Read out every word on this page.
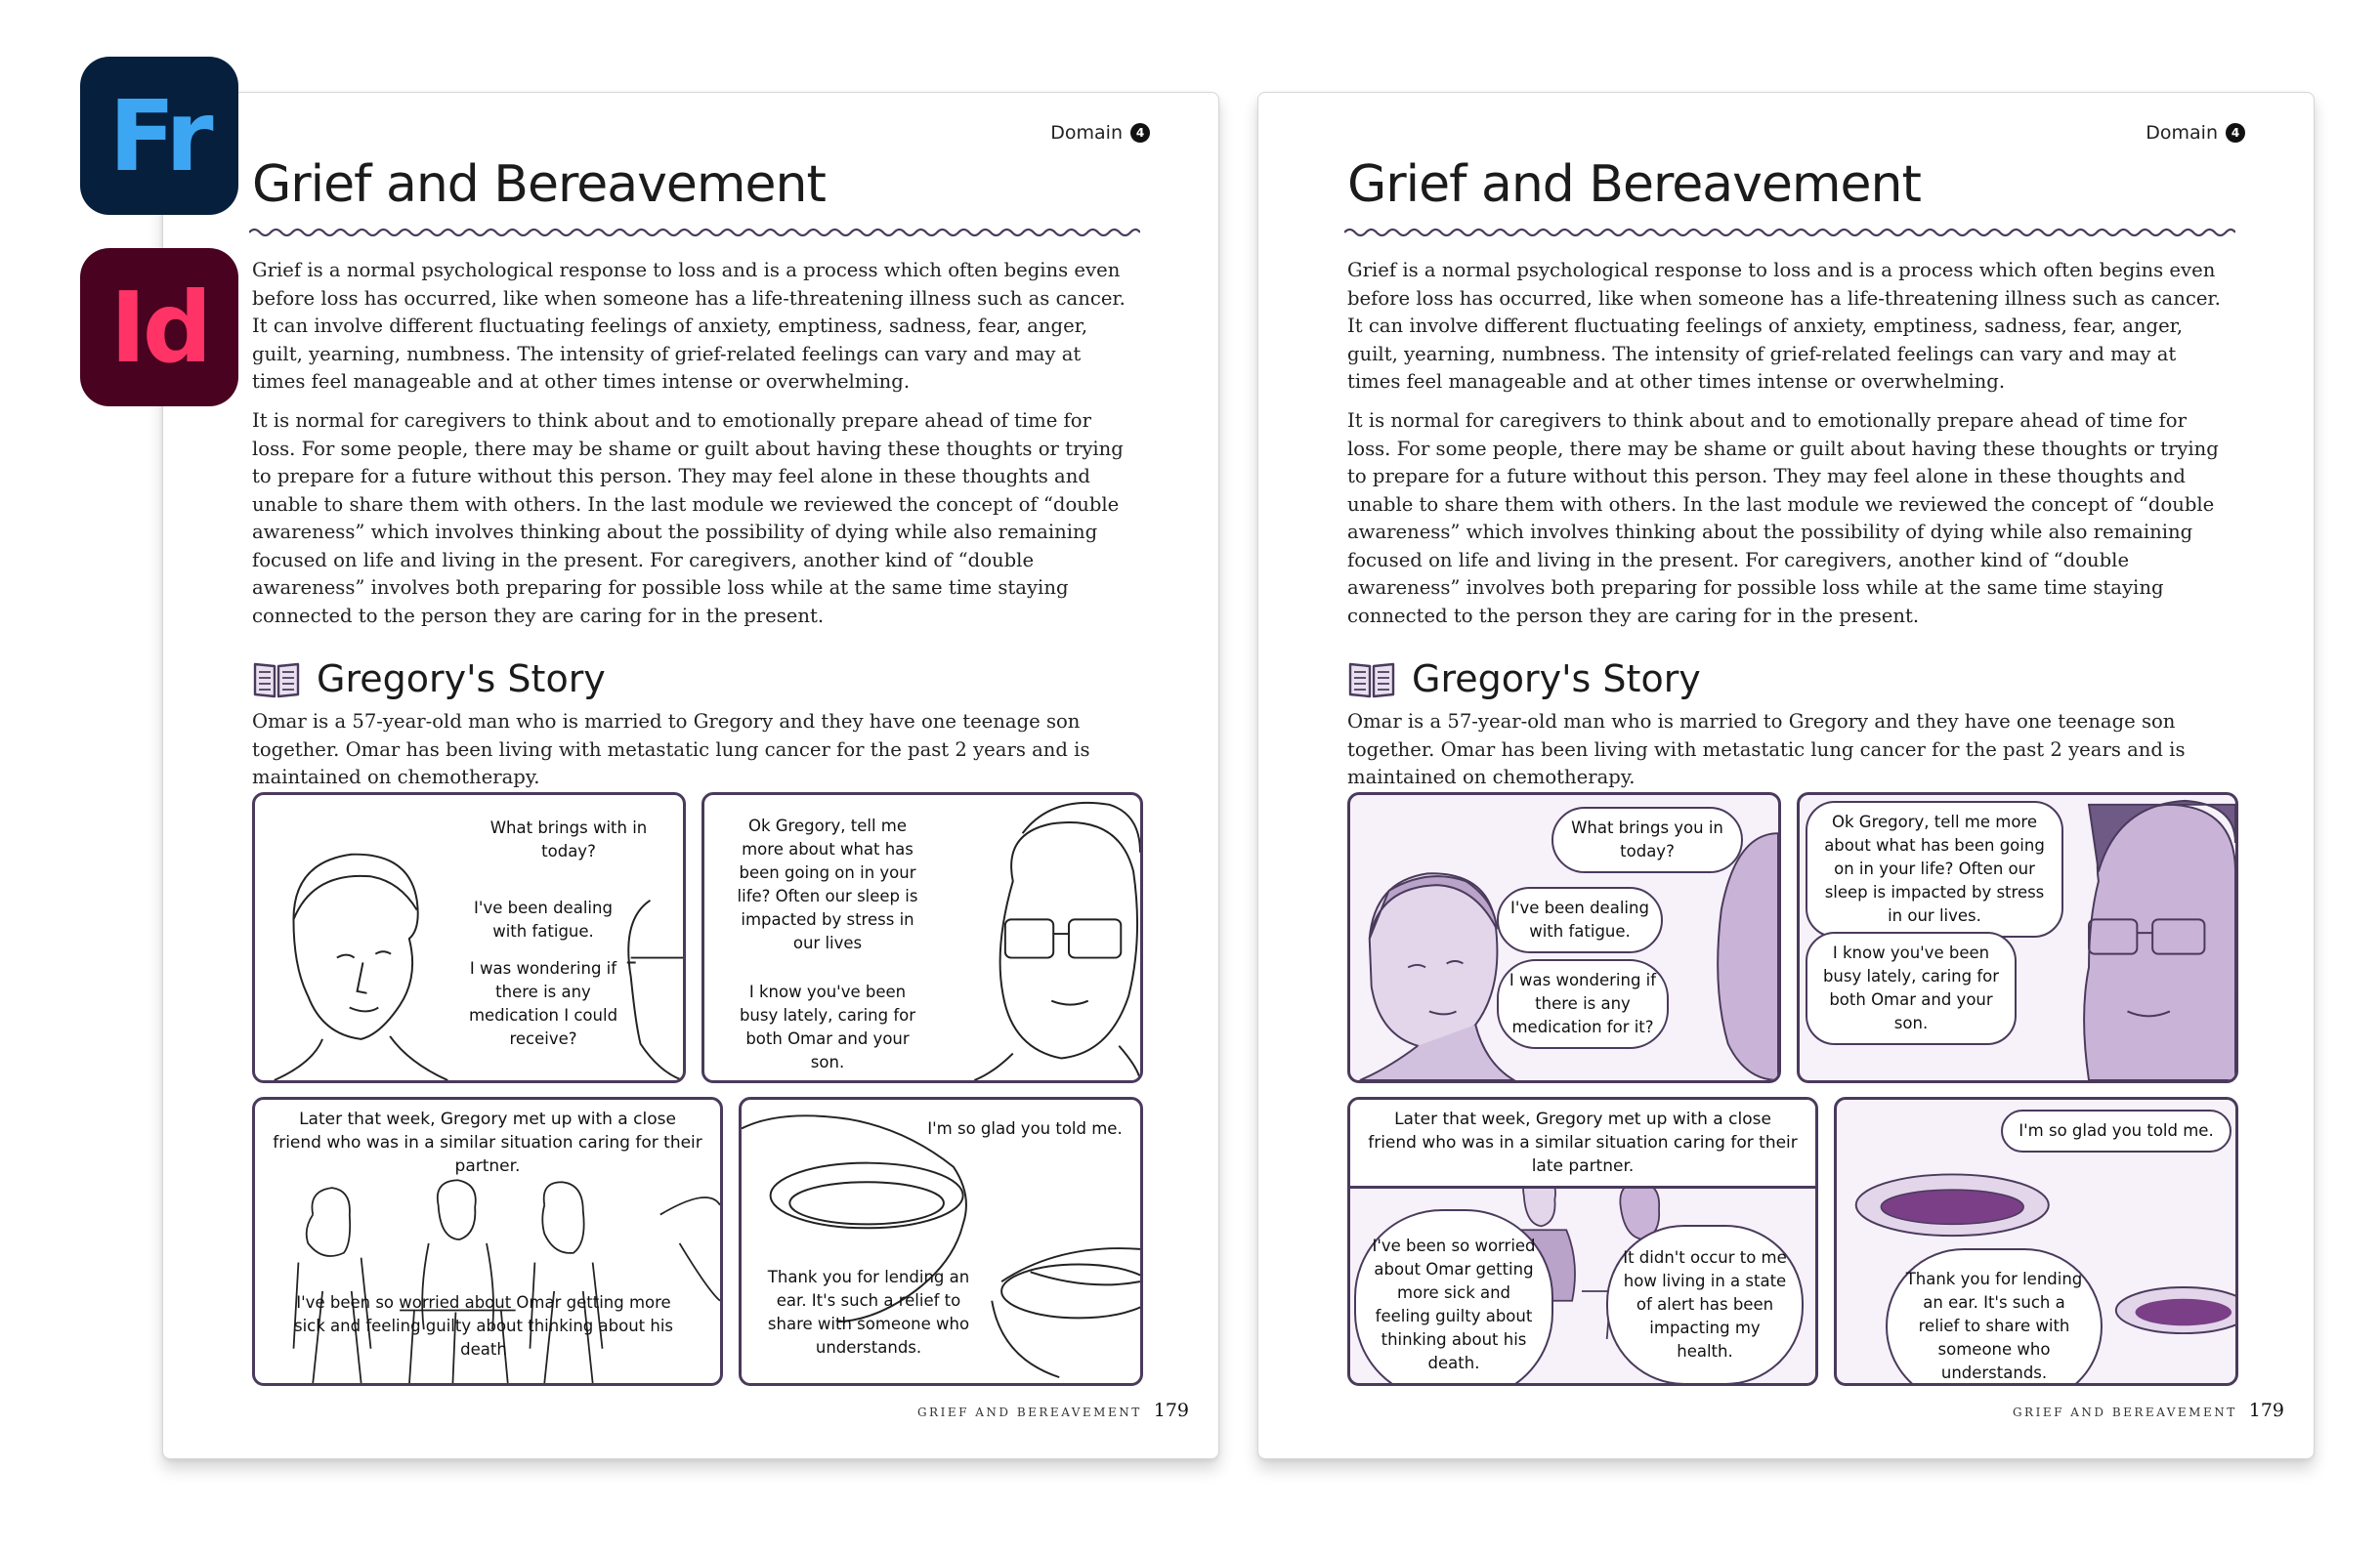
Domain	4
Grief and Bereavement

Grief is a normal psychological response to loss and is a process which often begins even before loss has occurred, like when someone has a life-threatening illness such as cancer. It can involve different fluctuating feelings of anxiety, emptiness, sadness, fear, anger, guilt, yearning, numbness. The intensity of grief-related feelings can vary and may at times feel manageable and at other times intense or overwhelming.

It is normal for caregivers to think about and to emotionally prepare ahead of time for loss. For some people, there may be shame or guilt about having these thoughts or trying to prepare for a future without this person. They may feel alone in these thoughts and unable to share them with others. In the last module we reviewed the concept of “double awareness” which involves thinking about the possibility of dying while also remaining focused on life and living in the present. For caregivers, another kind of “double awareness” involves both preparing for possible loss while at the same time staying connected to the person they are caring for in the present.

Gregory's Story

Omar is a 57-year-old man who is married to Gregory and they have one teenage son together. Omar has been living with metastatic lung cancer for the past 2 years and is maintained on chemotherapy.

What brings with in today?
I've been dealing with fatigue.
I was wondering if there is any medication I could receive?
Ok Gregory, tell me more about what has been going on in your life? Often our sleep is impacted by stress in our lives
I know you've been busy lately, caring for both Omar and your son.
Later that week, Gregory met up with a close friend who was in a similar situation caring for their partner.
I've been so worried about Omar getting more sick and feeling guilty about thinking about his death
I'm so glad you told me.
Thank you for lending an ear. It's such a relief to share with someone who understands.
GRIEF AND BEREAVEMENT 179
Domain	4
Grief and Bereavement

Grief is a normal psychological response to loss and is a process which often begins even before loss has occurred, like when someone has a life-threatening illness such as cancer. It can involve different fluctuating feelings of anxiety, emptiness, sadness, fear, anger, guilt, yearning, numbness. The intensity of grief-related feelings can vary and may at times feel manageable and at other times intense or overwhelming.

It is normal for caregivers to think about and to emotionally prepare ahead of time for loss. For some people, there may be shame or guilt about having these thoughts or trying to prepare for a future without this person. They may feel alone in these thoughts and unable to share them with others. In the last module we reviewed the concept of “double awareness” which involves thinking about the possibility of dying while also remaining focused on life and living in the present. For caregivers, another kind of “double awareness” involves both preparing for possible loss while at the same time staying connected to the person they are caring for in the present.

Gregory's Story

Omar is a 57-year-old man who is married to Gregory and they have one teenage son together. Omar has been living with metastatic lung cancer for the past 2 years and is maintained on chemotherapy.

What brings you in today?
I've been dealing with fatigue.
I was wondering if there is any medication for it?
Ok Gregory, tell me more about what has been going on in your life? Often our sleep is impacted by stress in our lives.
I know you've been busy lately, caring for both Omar and your son.
Later that week, Gregory met up with a close friend who was in a similar situation caring for their late partner.
I've been so worried about Omar getting more sick and feeling guilty about thinking about his death.
It didn't occur to me how living in a state of alert has been impacting my health.
I'm so glad you told me.
Thank you for lending an ear. It's such a relief to share with someone who understands.
GRIEF AND BEREAVEMENT 179
Fr
Id
